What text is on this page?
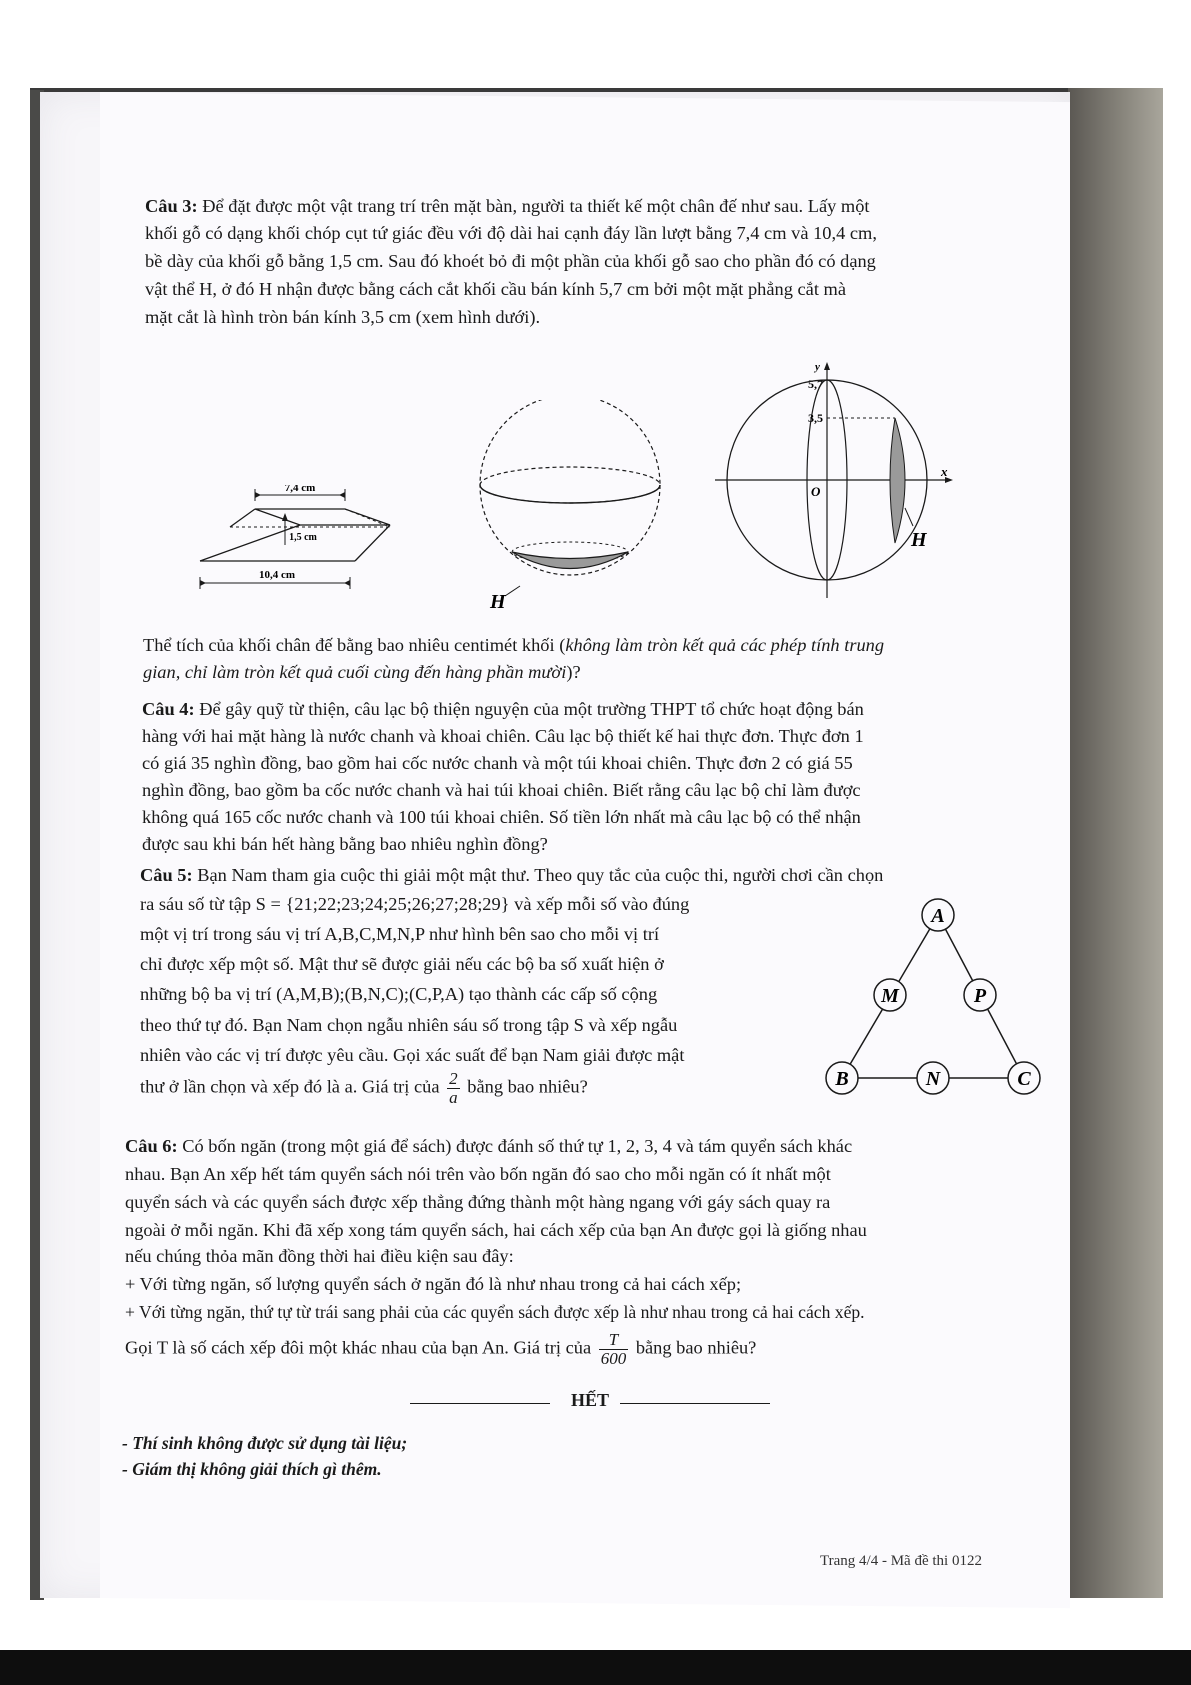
Câu 3: Để đặt được một vật trang trí trên mặt bàn, người ta thiết kế một chân đế như sau. Lấy một
khối gỗ có dạng khối chóp cụt tứ giác đều với độ dài hai cạnh đáy lần lượt bằng 7,4 cm và 10,4 cm,
bề dày của khối gỗ bằng 1,5 cm. Sau đó khoét bỏ đi một phần của khối gỗ sao cho phần đó có dạng
vật thể H, ở đó H nhận được bằng cách cắt khối cầu bán kính 5,7 cm bởi một mặt phẳng cắt mà
mặt cắt là hình tròn bán kính 3,5 cm (xem hình dưới).
7,4 cm
1,5 cm
10,4 cm
H
y
5,7
x
3,5
O
H
Thể tích của khối chân đế bằng bao nhiêu centimét khối (không làm tròn kết quả các phép tính trung
gian, chỉ làm tròn kết quả cuối cùng đến hàng phần mười)?
Câu 4: Để gây quỹ từ thiện, câu lạc bộ thiện nguyện của một trường THPT tổ chức hoạt động bán
hàng với hai mặt hàng là nước chanh và khoai chiên. Câu lạc bộ thiết kế hai thực đơn. Thực đơn 1
có giá 35 nghìn đồng, bao gồm hai cốc nước chanh và một túi khoai chiên. Thực đơn 2 có giá 55
nghìn đồng, bao gồm ba cốc nước chanh và hai túi khoai chiên. Biết rằng câu lạc bộ chỉ làm được
không quá 165 cốc nước chanh và 100 túi khoai chiên. Số tiền lớn nhất mà câu lạc bộ có thể nhận
được sau khi bán hết hàng bằng bao nhiêu nghìn đồng?
Câu 5: Bạn Nam tham gia cuộc thi giải một mật thư. Theo quy tắc của cuộc thi, người chơi cần chọn
ra sáu số từ tập S = {21;22;23;24;25;26;27;28;29} và xếp mỗi số vào đúng
một vị trí trong sáu vị trí A,B,C,M,N,P như hình bên sao cho mỗi vị trí
chỉ được xếp một số. Mật thư sẽ được giải nếu các bộ ba số xuất hiện ở
những bộ ba vị trí (A,M,B);(B,N,C);(C,P,A) tạo thành các cấp số cộng
theo thứ tự đó. Bạn Nam chọn ngẫu nhiên sáu số trong tập S và xếp ngẫu
nhiên vào các vị trí được yêu cầu. Gọi xác suất để bạn Nam giải được mật
thư ở lần chọn và xếp đó là a. Giá trị của $\frac{2}{a}$ bằng bao nhiêu?
A
M	P
B	N	C
Câu 6: Có bốn ngăn (trong một giá để sách) được đánh số thứ tự 1, 2, 3, 4 và tám quyển sách khác
nhau. Bạn An xếp hết tám quyển sách nói trên vào bốn ngăn đó sao cho mỗi ngăn có ít nhất một
quyển sách và các quyển sách được xếp thẳng đứng thành một hàng ngang với gáy sách quay ra
ngoài ở mỗi ngăn. Khi đã xếp xong tám quyển sách, hai cách xếp của bạn An được gọi là giống nhau
nếu chúng thỏa mãn đồng thời hai điều kiện sau đây:
+ Với từng ngăn, số lượng quyển sách ở ngăn đó là như nhau trong cả hai cách xếp;
+ Với từng ngăn, thứ tự từ trái sang phải của các quyển sách được xếp là như nhau trong cả hai cách xếp.
Gọi T là số cách xếp đôi một khác nhau của bạn An. Giá trị của $\frac{T}{600}$ bằng bao nhiêu?
HẾT
- Thí sinh không được sử dụng tài liệu;
- Giám thị không giải thích gì thêm.
Trang 4/4 - Mã đề thi 0122
